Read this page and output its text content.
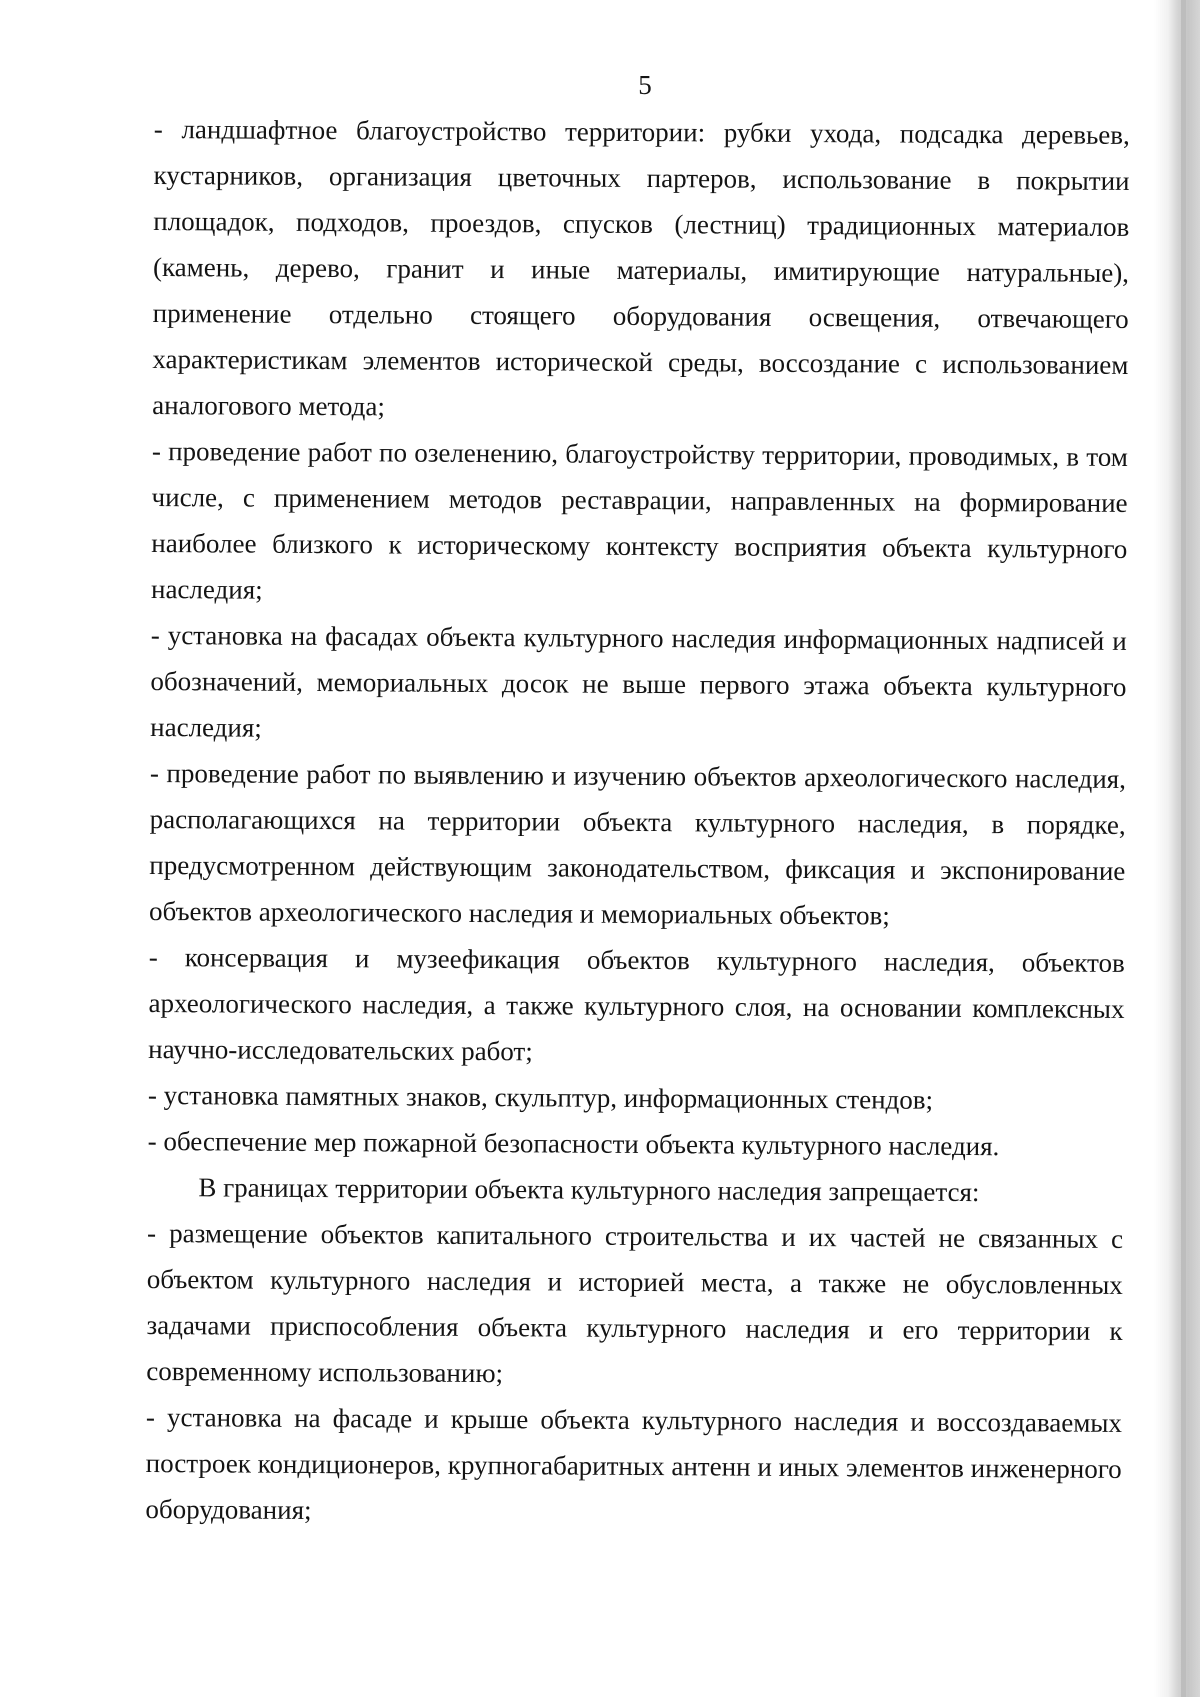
5

- ландшафтное благоустройство территории: рубки ухода, подсадка деревьев, кустарников, организация цветочных партеров, использование в покрытии площадок, подходов, проездов, спусков (лестниц) традиционных материалов (камень, дерево, гранит и иные материалы, имитирующие натуральные), применение отдельно стоящего оборудования освещения, отвечающего характеристикам элементов исторической среды, воссоздание с использованием аналогового метода;

- проведение работ по озеленению, благоустройству территории, проводимых, в том числе, с применением методов реставрации, направленных на формирование наиболее близкого к историческому контексту восприятия объекта культурного наследия;

- установка на фасадах объекта культурного наследия информационных надписей и обозначений, мемориальных досок не выше первого этажа объекта культурного наследия;

- проведение работ по выявлению и изучению объектов археологического наследия, располагающихся на территории объекта культурного наследия, в порядке, предусмотренном действующим законодательством, фиксация и экспонирование объектов археологического наследия и мемориальных объектов;

- консервация и музеефикация объектов культурного наследия, объектов археологического наследия, а также культурного слоя, на основании комплексных научно-исследовательских работ;

- установка памятных знаков, скульптур, информационных стендов;

- обеспечение мер пожарной безопасности объекта культурного наследия.

В границах территории объекта культурного наследия запрещается:

- размещение объектов капитального строительства и их частей не связанных с объектом культурного наследия и историей места, а также не обусловленных задачами приспособления объекта культурного наследия и его территории к современному использованию;

- установка на фасаде и крыше объекта культурного наследия и воссоздаваемых построек кондиционеров, крупногабаритных антенн и иных элементов инженерного оборудования;
